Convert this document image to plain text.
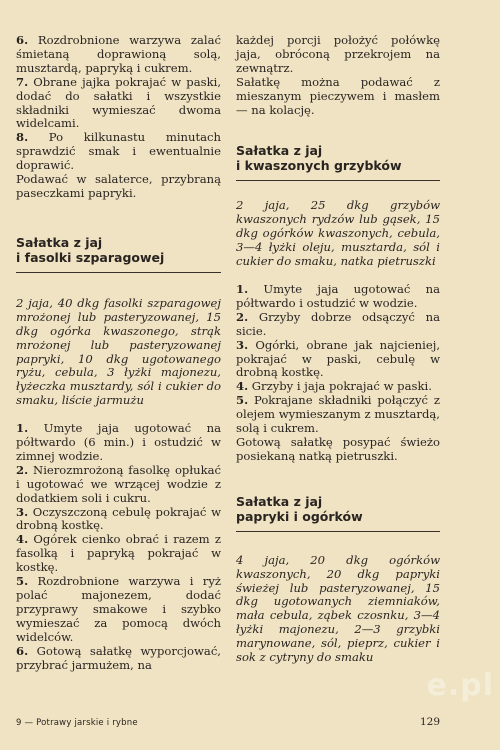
6. Rozdrobnione warzywa zalać śmietaną doprawioną solą, musztardą, papryką i cukrem.

7. Obrane jajka pokrajać w paski, dodać do sałatki i wszystkie składniki wymieszać dwoma widelcami.

8. Po kilkunastu minutach sprawdzić smak i ewentualnie doprawić.

Podawać w salaterce, przybraną paseczkami papryki.

Sałatka z jaj
i fasolki szparagowej

2 jaja, 40 dkg fasolki szparagowej mrożonej lub pasteryzowanej, 15 dkg ogórka kwaszonego, strąk mrożonej lub pasteryzowanej papryki, 10 dkg ugotowanego ryżu, cebula, 3 łyżki majonezu, łyżeczka musztardy, sól i cukier do smaku, liście jarmużu

1. Umyte jaja ugotować na półtwardo (6 min.) i ostudzić w zimnej wodzie.

2. Nierozmrożoną fasolkę opłukać i ugotować we wrzącej wodzie z dodatkiem soli i cukru.

3. Oczyszczoną cebulę pokrajać w drobną kostkę.

4. Ogórek cienko obrać i razem z fasolką i papryką pokrajać w kostkę.

5. Rozdrobnione warzywa i ryż polać majonezem, dodać przyprawy smakowe i szybko wymieszać za pomocą dwóch widelców.

6. Gotową sałatkę wyporcjować, przybrać jarmużem, na

każdej porcji położyć połówkę jaja, obróconą przekrojem na zewnątrz.

Sałatkę można podawać z mieszanym pieczywem i masłem — na kolację.

Sałatka z jaj
i kwaszonych grzybków

2 jaja, 25 dkg grzybów kwaszonych rydzów lub gąsek, 15 dkg ogórków kwaszonych, cebula, 3—4 łyżki oleju, musztarda, sól i cukier do smaku, natka pietruszki

1. Umyte jaja ugotować na półtwardo i ostudzić w wodzie.

2. Grzyby dobrze odsączyć na sicie.

3. Ogórki, obrane jak najcieniej, pokrajać w paski, cebulę w drobną kostkę.

4. Grzyby i jaja pokrajać w paski.

5. Pokrajane składniki połączyć z olejem wymieszanym z musztardą, solą i cukrem.

Gotową sałatkę posypać świeżo posiekaną natką pietruszki.

Sałatka z jaj
papryki i ogórków

4 jaja, 20 dkg ogórków kwaszonych, 20 dkg papryki świeżej lub pasteryzowanej, 15 dkg ugotowanych ziemniaków, mała cebula, ząbek czosnku, 3—4 łyżki majonezu, 2—3 grzybki marynowane, sól, pieprz, cukier i sok z cytryny do smaku

9 — Potrawy jarskie i rybne	129
e.pl
